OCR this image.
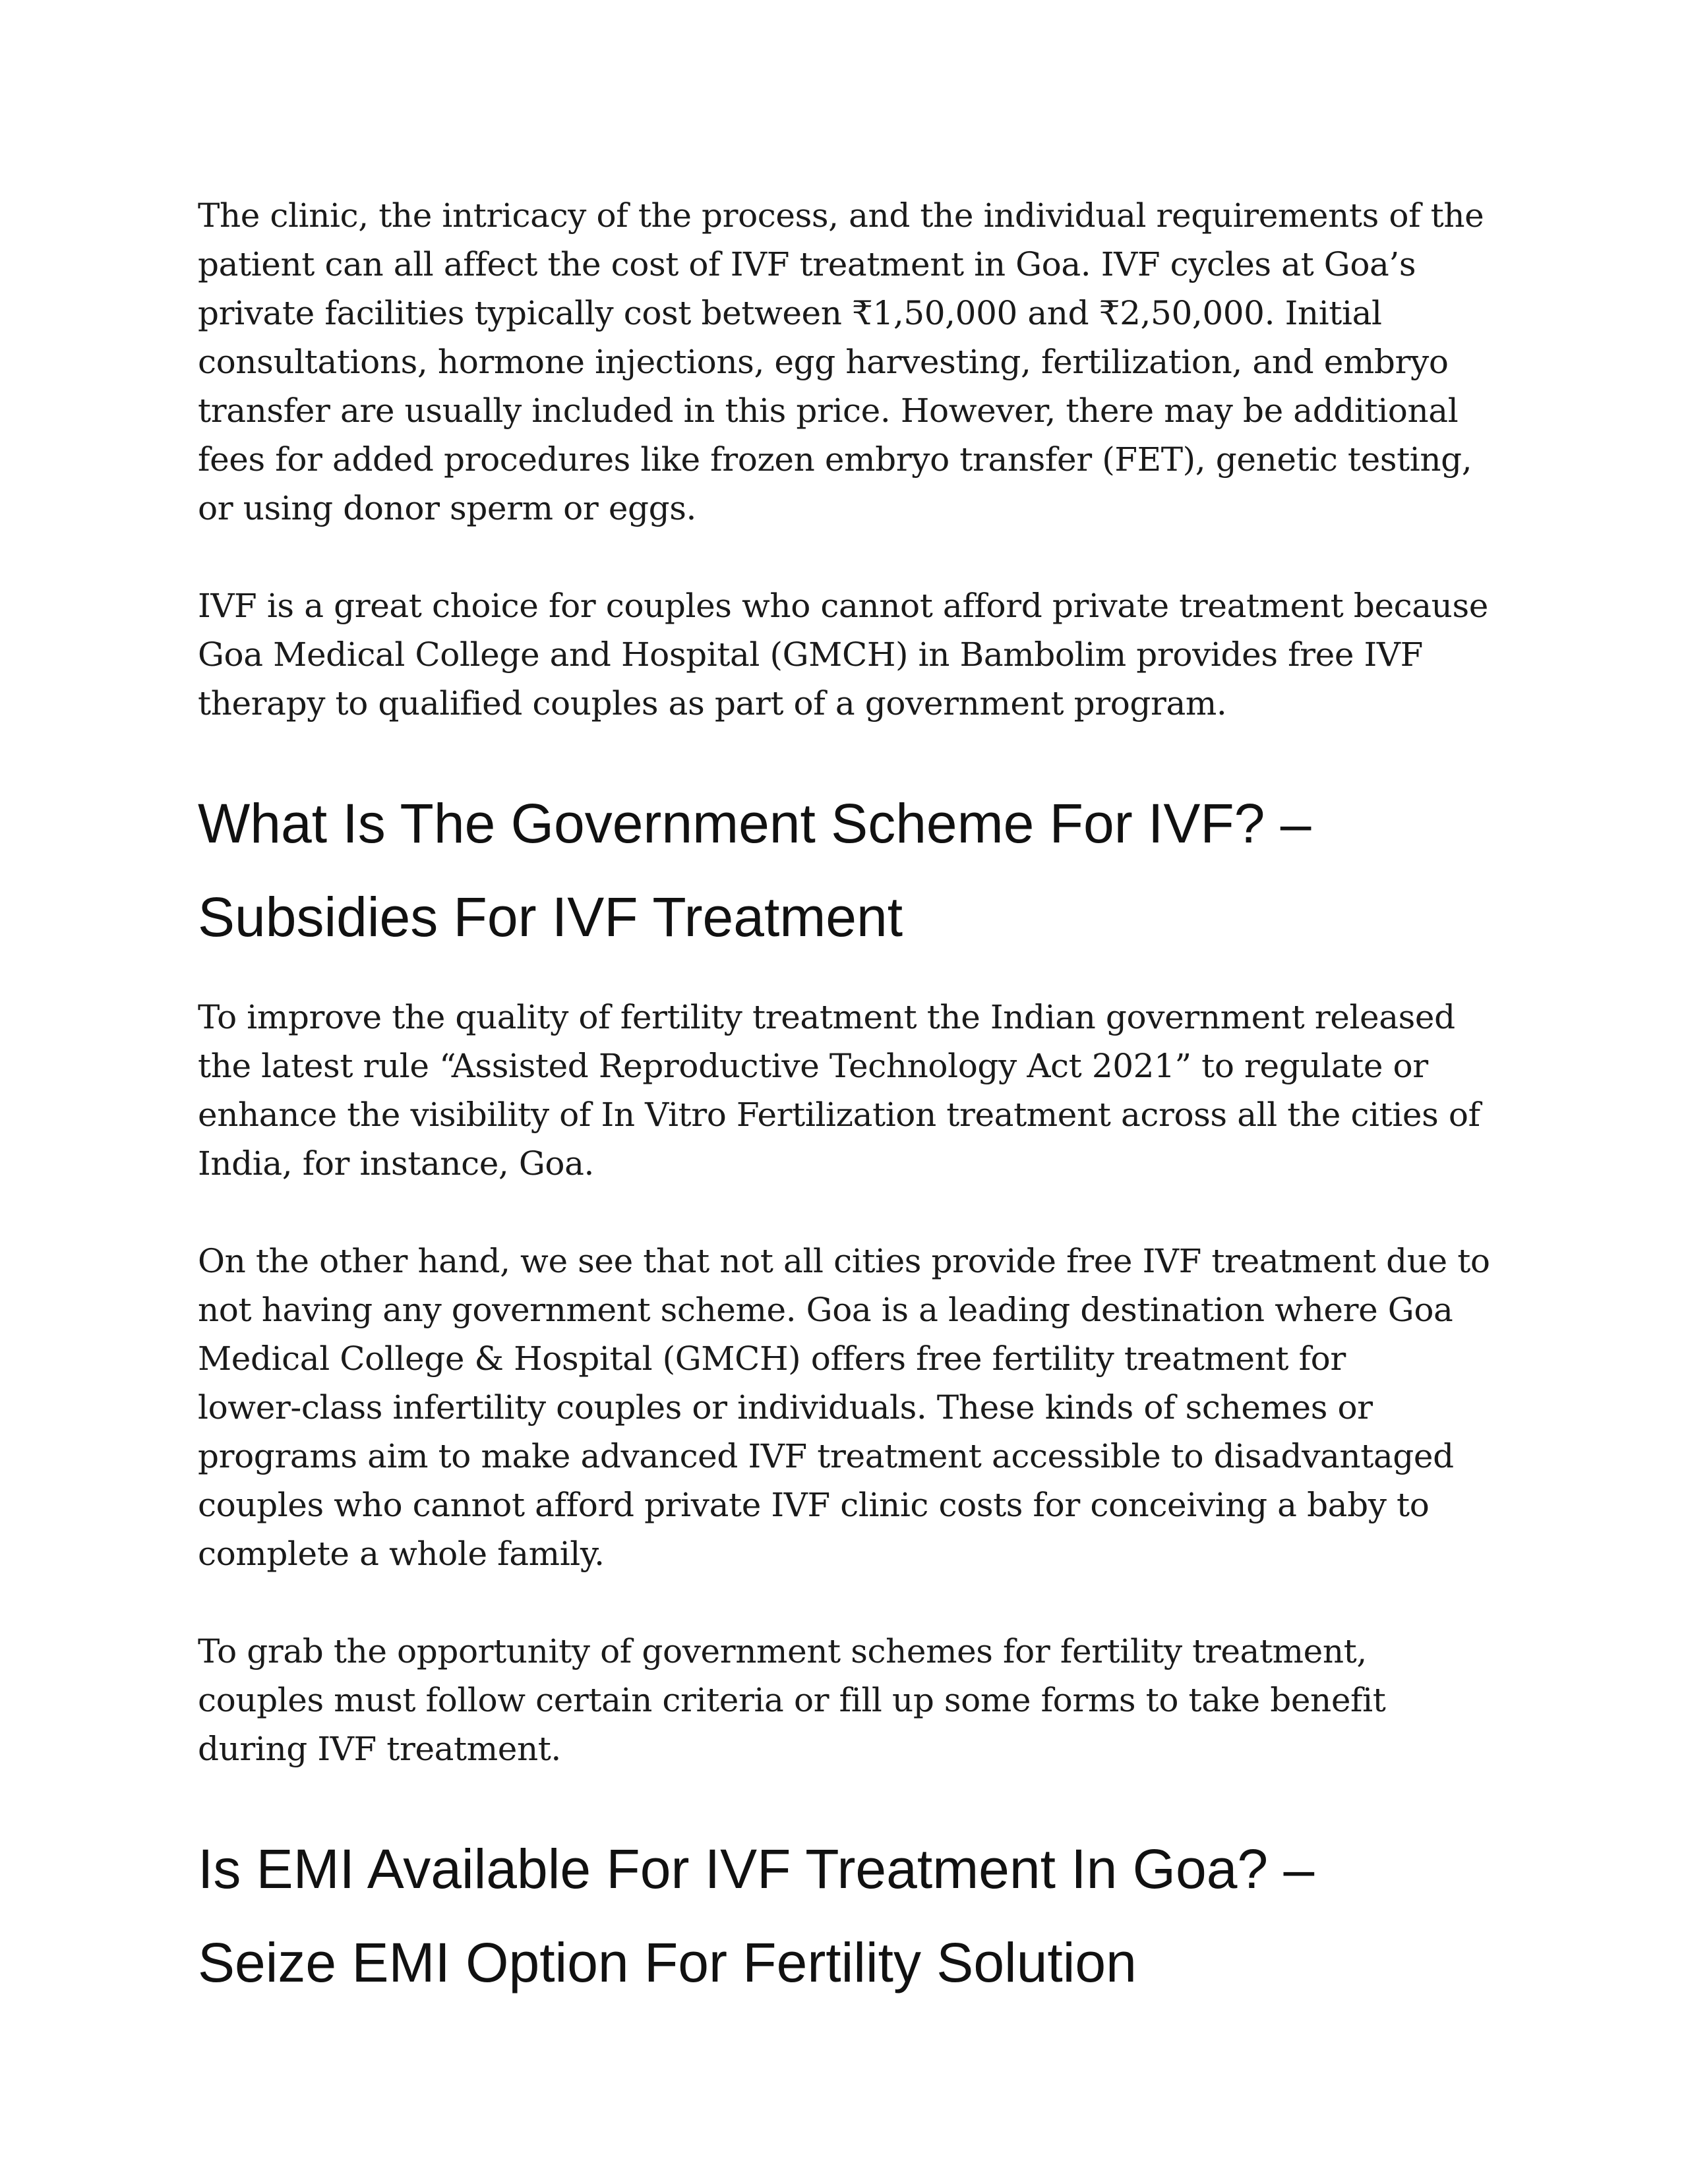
The clinic, the intricacy of the process, and the individual requirements of the
patient can all affect the cost of IVF treatment in Goa. IVF cycles at Goa’s
private facilities typically cost between ₹1,50,000 and ₹2,50,000. Initial
consultations, hormone injections, egg harvesting, fertilization, and embryo
transfer are usually included in this price. However, there may be additional
fees for added procedures like frozen embryo transfer (FET), genetic testing,
or using donor sperm or eggs.

IVF is a great choice for couples who cannot afford private treatment because
Goa Medical College and Hospital (GMCH) in Bambolim provides free IVF
therapy to qualified couples as part of a government program.

What Is The Government Scheme For IVF? –
Subsidies For IVF Treatment

To improve the quality of fertility treatment the Indian government released
the latest rule “Assisted Reproductive Technology Act 2021” to regulate or
enhance the visibility of In Vitro Fertilization treatment across all the cities of
India, for instance, Goa.

On the other hand, we see that not all cities provide free IVF treatment due to
not having any government scheme. Goa is a leading destination where Goa
Medical College & Hospital (GMCH) offers free fertility treatment for
lower-class infertility couples or individuals. These kinds of schemes or
programs aim to make advanced IVF treatment accessible to disadvantaged
couples who cannot afford private IVF clinic costs for conceiving a baby to
complete a whole family.

To grab the opportunity of government schemes for fertility treatment,
couples must follow certain criteria or fill up some forms to take benefit
during IVF treatment.

Is EMI Available For IVF Treatment In Goa? –
Seize EMI Option For Fertility Solution
